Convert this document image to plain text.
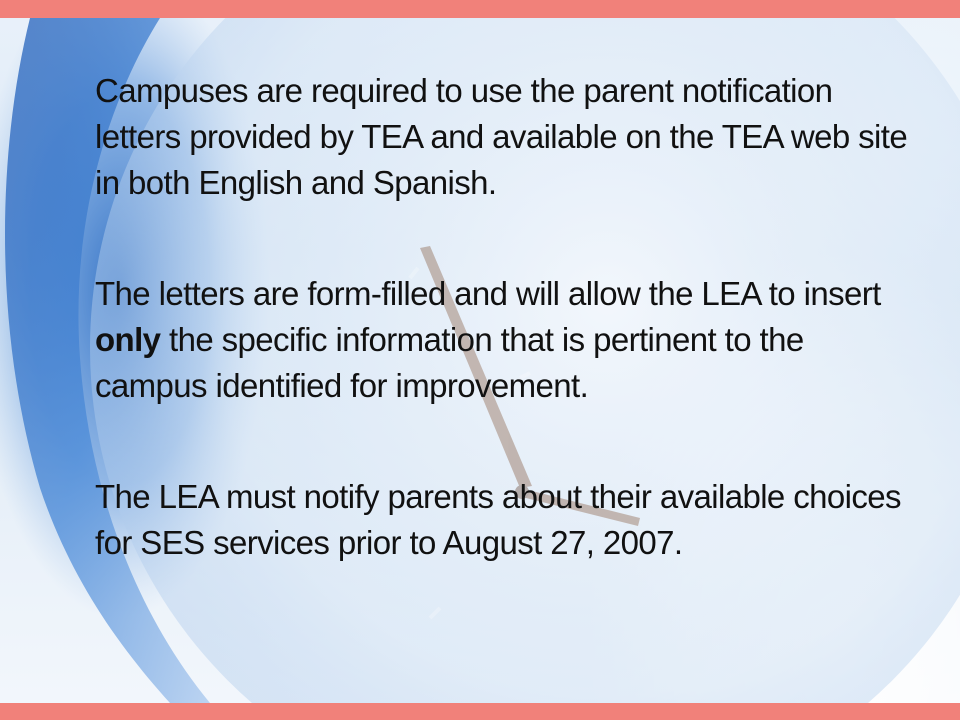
Campuses are required to use the parent notification letters provided by TEA and available on the TEA web site in both English and Spanish.

The letters are form-filled and will allow the LEA to insert only the specific information that is pertinent to the campus identified for improvement.

The LEA must notify parents about their available choices for SES services prior to August 27, 2007.
